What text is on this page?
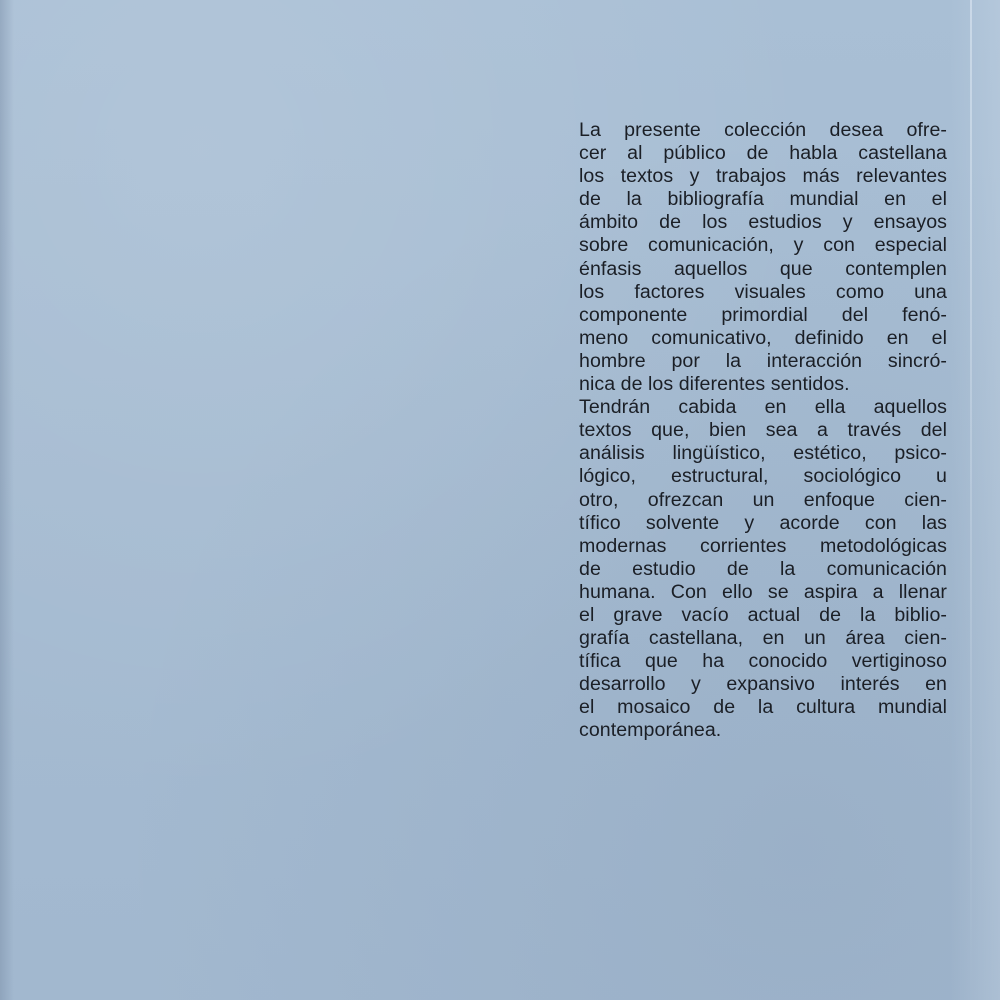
La presente colección desea ofre-
cer al público de habla castellana
los textos y trabajos más relevantes
de la bibliografía mundial en el
ámbito de los estudios y ensayos
sobre comunicación, y con especial
énfasis aquellos que contemplen
los factores visuales como una
componente primordial del fenó-
meno comunicativo, definido en el
hombre por la interacción sincró-
nica de los diferentes sentidos.
Tendrán cabida en ella aquellos
textos que, bien sea a través del
análisis lingüístico, estético, psico-
lógico, estructural, sociológico u
otro, ofrezcan un enfoque cien-
tífico solvente y acorde con las
modernas corrientes metodológicas
de estudio de la comunicación
humana. Con ello se aspira a llenar
el grave vacío actual de la biblio-
grafía castellana, en un área cien-
tífica que ha conocido vertiginoso
desarrollo y expansivo interés en
el mosaico de la cultura mundial
contemporánea.
